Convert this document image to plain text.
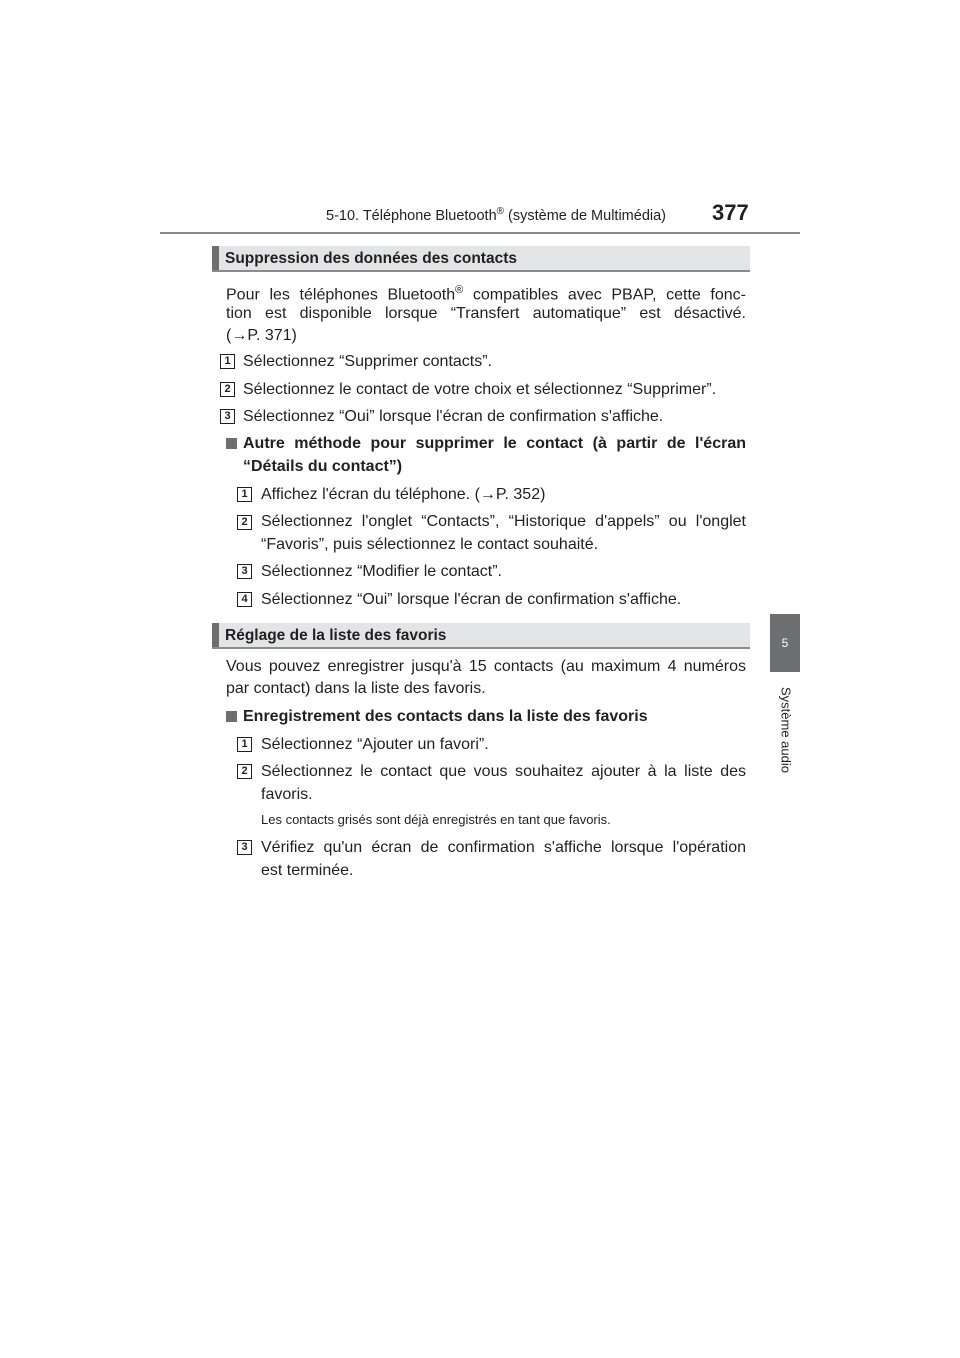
5-10. Téléphone Bluetooth® (système de Multimédia) 377
5
Système audio
Suppression des données des contacts
Pour les téléphones Bluetooth® compatibles avec PBAP, cette fonc-
tion est disponible lorsque “Transfert automatique” est désactivé.
(→P. 371)
1 Sélectionnez “Supprimer contacts”.
2 Sélectionnez le contact de votre choix et sélectionnez “Supprimer”.
3 Sélectionnez “Oui” lorsque l'écran de confirmation s'affiche.
Autre méthode pour supprimer le contact (à partir de l'écran
“Détails du contact”)
1 Affichez l'écran du téléphone. (→P. 352)
2 Sélectionnez l'onglet “Contacts”, “Historique d'appels” ou l'onglet
“Favoris”, puis sélectionnez le contact souhaité.
3 Sélectionnez “Modifier le contact”.
4 Sélectionnez “Oui” lorsque l'écran de confirmation s'affiche.
Réglage de la liste des favoris
Vous pouvez enregistrer jusqu'à 15 contacts (au maximum 4 numéros
par contact) dans la liste des favoris.
Enregistrement des contacts dans la liste des favoris
1 Sélectionnez “Ajouter un favori”.
2 Sélectionnez le contact que vous souhaitez ajouter à la liste des
favoris.
Les contacts grisés sont déjà enregistrés en tant que favoris.
3 Vérifiez qu'un écran de confirmation s'affiche lorsque l'opération
est terminée.
